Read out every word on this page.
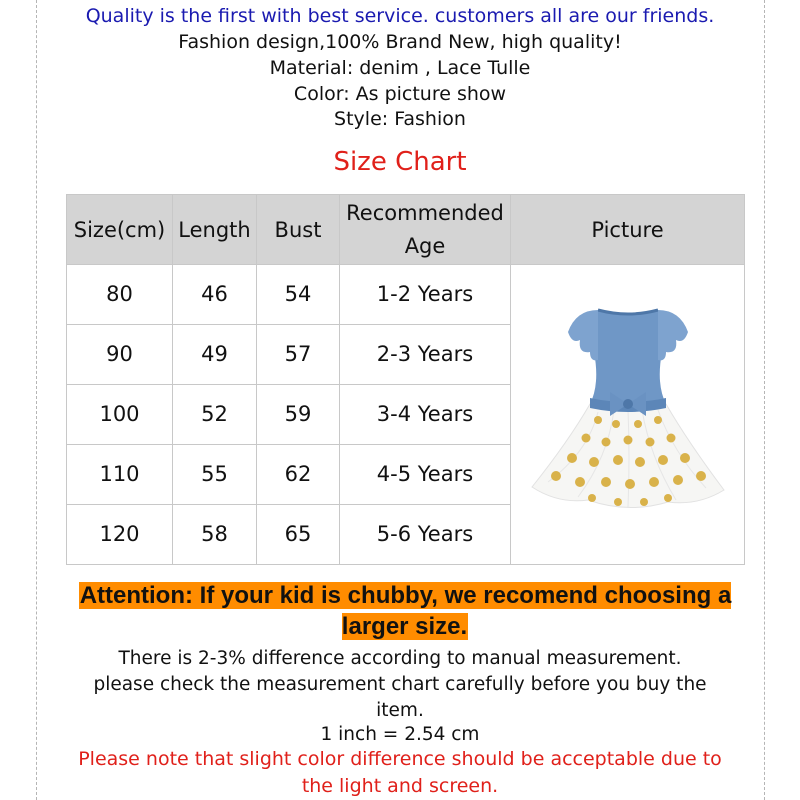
Quality is the first with best service. customers all are our friends.
Fashion design,100% Brand New, high quality!
Material: denim , Lace Tulle
Color: As picture show
Style: Fashion
Size Chart
Size(cm)	Length	Bust	Recommended Age	Picture
80	46	54	1-2 Years	
90	49	57	2-3 Years	
100	52	59	3-4 Years	
110	55	62	4-5 Years	
120	58	65	5-6 Years	
Attention: If your kid is chubby, we recomend choosing a larger size.
There is 2-3% difference according to manual measurement.
please check the measurement chart carefully before you buy the item.
1 inch = 2.54 cm
Please note that slight color difference should be acceptable due to the light and screen.
